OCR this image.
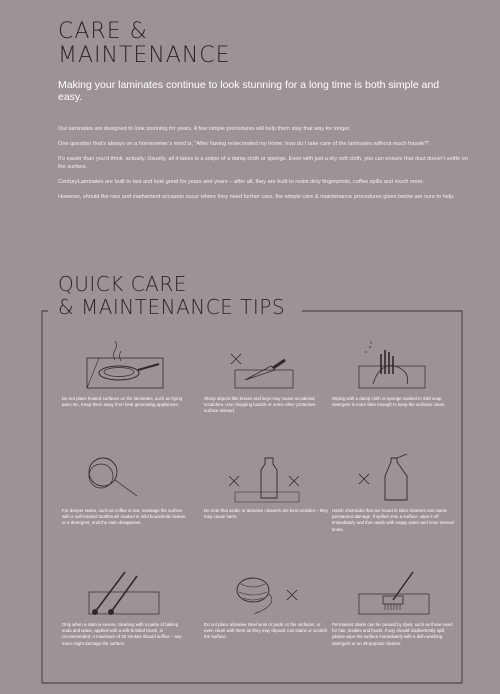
CARE &
MAINTENANCE
Making your laminates continue to look stunning for a long time is both simple and easy.

Our laminates are designed to look stunning for years. A few simple procedures will help them stay that way for longer.

One question that’s always on a homeowner’s mind is, “After having redecorated my home, how do I take care of the laminates without much hassle?”.

It’s easier than you’d think, actually. Usually, all it takes is a swipe of a damp cloth or sponge. Even with just a dry soft cloth, you can ensure that dust doesn’t settle on the surface.

CenturyLaminates are built to last and look great for years and years – after all, they are built to resist dirty fingerprints, coffee spills and much more.

However, should the rare and inadvertent occasion occur where they need further care, the simple care & maintenance procedures given below are sure to help.

QUICK CARE
& MAINTENANCE TIPS
Do not place heated surfaces on the laminates, such as frying pans etc. Keep them away from heat generating appliances.
Sharp objects like knives and keys may cause accidental scratches. Use chopping boards or some other protective surface instead.
Wiping with a damp cloth or sponge soaked in mild soap detergent is more than enough to keep the surfaces clean.
For deeper stains, such as coffee or tea, massage the surface with a soft-bristled toothbrush soaked in mild household cleaner or a detergent, until the stain disappears.
Do note that acidic or abrasive cleaners are best avoided – they may cause harm.
Harsh chemicals that are found in toilet cleaners can cause permanent damage. If spilled onto a surface, wipe it off immediately and then wash with soapy water and rinse several times.
Only when a stain is severe, cleaning with a paste of baking soda and water, applied with a soft-bristled brush, is recommended. A maximum of 20 strokes should suffice – any more might damage the surface.
Do not place abrasive steel wool or pads on the surfaces, or even clean with them as they may deposit rust stains or scratch the surface.
Permanent stains can be caused by dyes, such as those used for hair, textiles and foods. If any should inadvertently spill, please wipe the surface immediately with a dish-washing detergent or an all-purpose cleaner.
